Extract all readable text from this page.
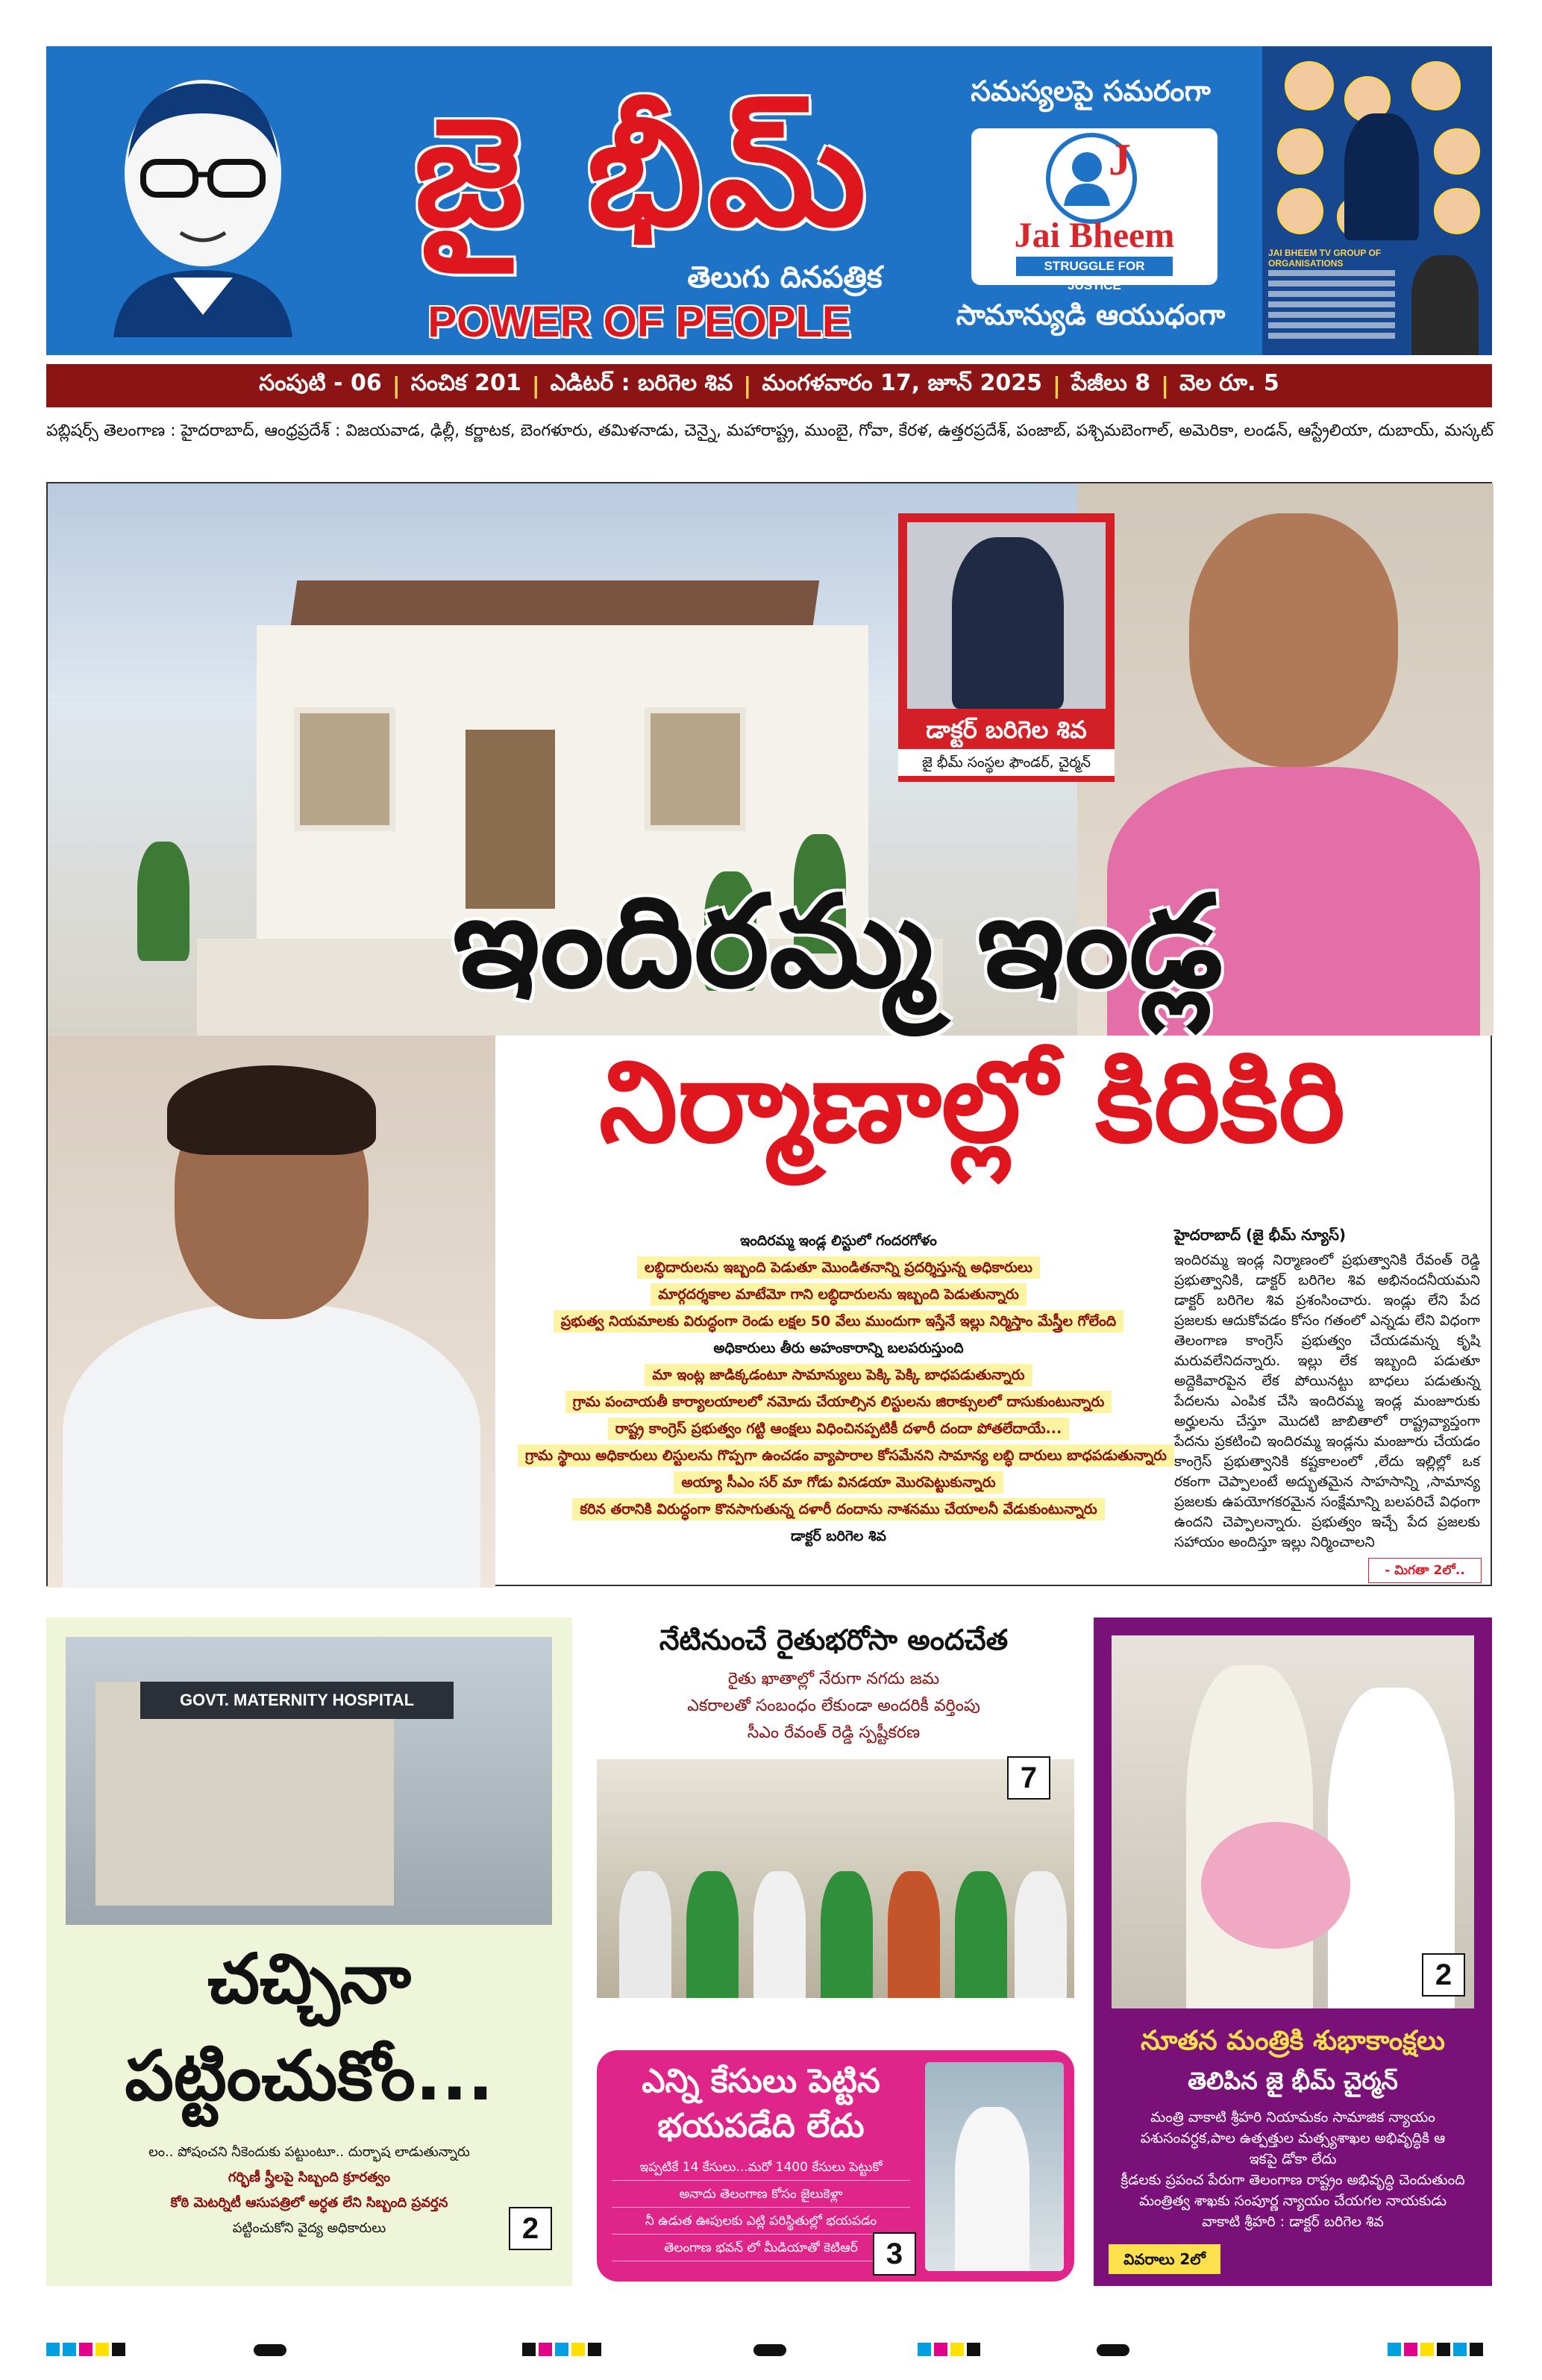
జై భీమ్
తెలుగు దినపత్రిక
POWER OF PEOPLE
సమస్యలపై సమరంగా
J
Jai Bheem
STRUGGLE FOR JUSTICE
సామాన్యుడి ఆయుధంగా
JAI BHEEM TV GROUP OF ORGANISATIONS
సంపుటి - 06 | సంచిక 201 | ఎడిటర్ : బరిగెల శివ | మంగళవారం 17, జూన్ 2025 | పేజీలు 8 | వెల రూ. 5
పబ్లిషర్స్ తెలంగాణ : హైదరాబాద్, ఆంధ్రప్రదేశ్ : విజయవాడ, ఢిల్లీ, కర్ణాటక, బెంగళూరు, తమిళనాడు, చెన్నై, మహారాష్ట్ర, ముంబై, గోవా, కేరళ, ఉత్తరప్రదేశ్, పంజాబ్, పశ్చిమబెంగాల్, అమెరికా, లండన్, ఆస్ట్రేలియా, దుబాయ్, మస్కట్
డాక్టర్ బరిగెల శివ
జై భీమ్ సంస్థల ఫౌండర్, చైర్మన్
ఇందిరమ్మ ఇండ్ల
నిర్మాణాల్లో కిరికిరి
ఇందిరమ్మ ఇండ్ల లిస్టులో గందరగోళం
లబ్ధిదారులను ఇబ్బంది పెడుతూ మొండితనాన్ని ప్రదర్శిస్తున్న అధికారులు
మార్గదర్శకాల మాటేమో గాని లబ్ధిదారులను ఇబ్బంది పెడుతున్నారు
ప్రభుత్వ నియమాలకు విరుద్ధంగా రెండు లక్షల 50 వేలు ముందుగా ఇస్తేనే ఇల్లు నిర్మిస్తాం మేస్త్రీల గోలేంది
అధికారులు తీరు అహంకారాన్ని బలపరుస్తుంది
మా ఇంట్ల జాడిక్కడంటూ సామాన్యులు పెక్కి పెక్కి బాధపడుతున్నారు
గ్రామ పంచాయతీ కార్యాలయాలలో నమోదు చేయాల్సిన లిస్టులను జిరాక్సులలో దాసుకుంటున్నారు
రాష్ట్ర కాంగ్రెస్ ప్రభుత్వం గట్టి ఆంక్షలు విధించినప్పటికీ దళారీ దందా పోతలేదాయే...
గ్రామ స్థాయి అధికారులు లిస్టులను గొప్పగా ఉంచడం వ్యాపారాల కోసమేనని సామాన్య లబ్ధి దారులు బాధపడుతున్నారు
అయ్యా సీఎం సర్ మా గోడు వినడయా మొరపెట్టుకున్నారు
కరిన తరానికి విరుద్ధంగా కొనసాగుతున్న దళారీ దందాను నాశనము చేయాలనీ వేడుకుంటున్నారు
డాక్టర్ బరిగెల శివ
హైదరాబాద్ (జై భీమ్ న్యూస్)
ఇందిరమ్మ ఇండ్ల నిర్మాణంలో ప్రభుత్వానికి రేవంత్ రెడ్డి ప్రభుత్వానికి, డాక్టర్ బరిగెల శివ అభినందనీయమని డాక్టర్ బరిగెల శివ ప్రశంసించారు. ఇండ్లు లేని పేద ప్రజలకు ఆదుకోవడం కోసం గతంలో ఎన్నడు లేని విధంగా తెలంగాణ కాంగ్రెస్ ప్రభుత్వం చేయడమన్న కృషి మరువలేనిదన్నారు. ఇల్లు లేక ఇబ్బంది పడుతూ అద్దెకివారపైన లేక పోయినట్టు బాధలు పడుతున్న పేదలను ఎంపిక చేసి ఇందిరమ్మ ఇండ్ల మంజూరుకు అర్హులను చేస్తూ మొదటి జాబితాలో రాష్ట్రవ్యాప్తంగా పేదను ప్రకటించి ఇందిరమ్మ ఇండ్లను మంజూరు చేయడం కాంగ్రెస్ ప్రభుత్వానికి కష్టకాలంలో ,లేదు ఇల్లిల్లో ఒక రకంగా చెప్పాలంటే అద్భుతమైన సాహసాన్ని ,సామాన్య ప్రజలకు ఉపయోగకరమైన సంక్షేమాన్ని బలపరిచే విధంగా ఉందని చెప్పాలన్నారు. ప్రభుత్వం ఇచ్చే పేద ప్రజలకు సహాయం అందిస్తూ ఇల్లు నిర్మించాలని
- మిగతా 2లో..
GOVT. MATERNITY HOSPITAL
చచ్చినా
పట్టించుకోం...
లం.. పోషంచని నీకెందుకు పట్టుంటూ.. దుర్భాష లాడుతున్నారు
గర్భిణీ స్త్రీలపై సిబ్బంది క్రూరత్వం
కోఠి మెటర్నిటీ ఆసుపత్రిలో అర్ధత లేని సిబ్బంది ప్రవర్తన
పట్టించుకోని వైద్య అధికారులు	2
నేటినుంచే రైతుభరోసా అందచేత
రైతు ఖాతాల్లో నేరుగా నగదు జమ
ఎకరాలతో సంబంధం లేకుండా అందరికీ వర్తింపు
సీఎం రేవంత్ రెడ్డి స్పష్టీకరణ
7
ఎన్ని కేసులు పెట్టిన భయపడేది లేదు
ఇప్పటికే 14 కేసులు...మరో 1400 కేసులు పెట్టుకో
అనాదు తెలంగాణ కోసం జైలుకెళ్లా
నీ ఉడుత ఊపులకు ఎట్లి పరిస్థితుల్లో భయపడం
తెలంగాణ భవన్ లో మీడియాతో కెటిఆర్ 3
2
నూతన మంత్రికి శుభాకాంక్షలు
తెలిపిన జై భీమ్ చైర్మన్
మంత్రి వాకాటి శ్రీహరి నియామకం సామాజిక న్యాయం
పశుసంవర్ధక,పాల ఉత్పత్తుల మత్స్యశాఖల అభివృద్ధికి ఆ
ఇకపై డోకా లేదు
క్రీడలకు ప్రపంచ పేరుగా తెలంగాణ రాష్ట్రం అభివృద్ధి చెందుతుంది
మంత్రిత్వ శాఖకు సంపూర్ణ న్యాయం చేయగల నాయకుడు
వాకాటి శ్రీహరి : డాక్టర్ బరిగెల శివ
వివరాలు 2లో
